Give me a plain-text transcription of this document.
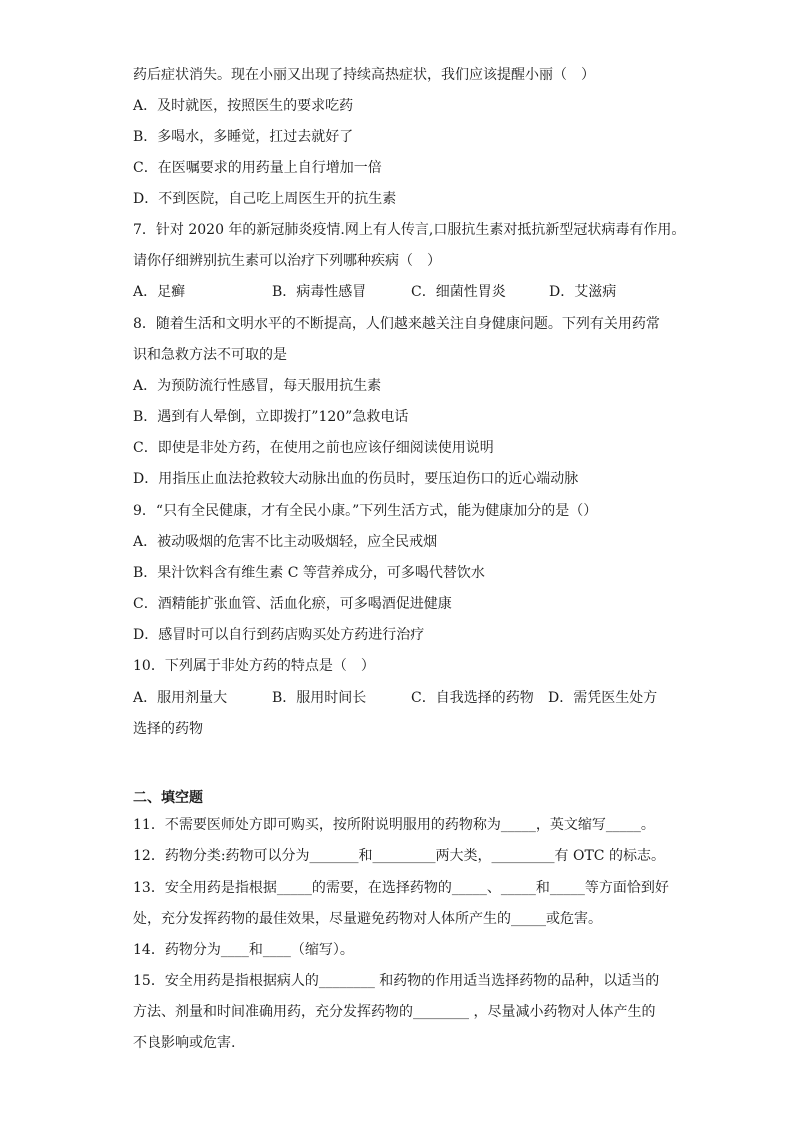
药后症状消失。现在小丽又出现了持续高热症状，我们应该提醒小丽（　）
A．及时就医，按照医生的要求吃药
B．多喝水，多睡觉，扛过去就好了
C．在医嘱要求的用药量上自行增加一倍
D．不到医院，自己吃上周医生开的抗生素
7．针对 2020 年的新冠肺炎疫情.网上有人传言,口服抗生素对抵抗新型冠状病毒有作用。
请你仔细辨别抗生素可以治疗下列哪种疾病（　）
A．足癣	B．病毒性感冒	C．细菌性胃炎	D．艾滋病
8．随着生活和文明水平的不断提高，人们越来越关注自身健康问题。下列有关用药常
识和急救方法不可取的是
A．为预防流行性感冒，每天服用抗生素
B．遇到有人晕倒，立即拨打”120”急救电话
C．即使是非处方药，在使用之前也应该仔细阅读使用说明
D．用指压止血法抢救较大动脉出血的伤员时，要压迫伤口的近心端动脉
9．“只有全民健康，才有全民小康。”下列生活方式，能为健康加分的是（）
A．被动吸烟的危害不比主动吸烟轻，应全民戒烟
B．果汁饮料含有维生素 C 等营养成分，可多喝代替饮水
C．酒精能扩张血管、活血化瘀，可多喝酒促进健康
D．感冒时可以自行到药店购买处方药进行治疗
10．下列属于非处方药的特点是（　）
A．服用剂量大	B．服用时间长	C．自我选择的药物 D．需凭医生处方
选择的药物
二、填空题
11．不需要医师处方即可购买，按所附说明服用的药物称为_____，英文缩写_____。
12．药物分类:药物可以分为_______和_________两大类，_________有 OTC 的标志。
13．安全用药是指根据_____的需要，在选择药物的_____、_____和_____等方面恰到好
处，充分发挥药物的最佳效果，尽量避免药物对人体所产生的_____或危害。
14．药物分为____和____（缩写）。
15．安全用药是指根据病人的________ 和药物的作用适当选择药物的品种，以适当的
方法、剂量和时间准确用药，充分发挥药物的________ ，尽量减小药物对人体产生的
不良影响或危害.
